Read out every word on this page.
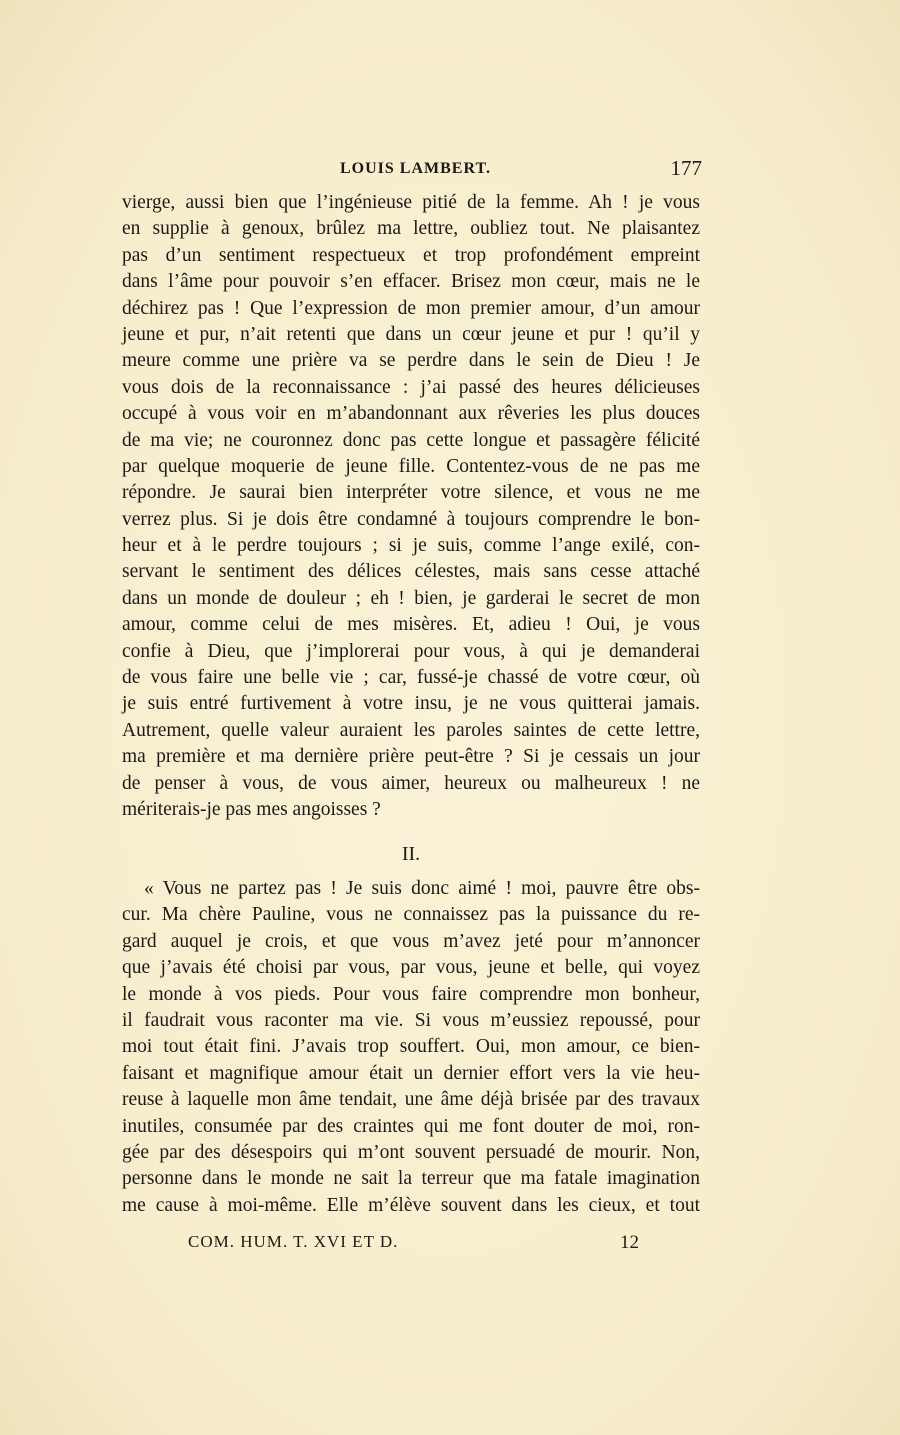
LOUIS LAMBERT.	177
vierge, aussi bien que l’ingénieuse pitié de la femme. Ah ! je vous
en supplie à genoux, brûlez ma lettre, oubliez tout. Ne plaisantez
pas d’un sentiment respectueux et trop profondément empreint
dans l’âme pour pouvoir s’en effacer. Brisez mon cœur, mais ne le
déchirez pas ! Que l’expression de mon premier amour, d’un amour
jeune et pur, n’ait retenti que dans un cœur jeune et pur ! qu’il y
meure comme une prière va se perdre dans le sein de Dieu ! Je
vous dois de la reconnaissance : j’ai passé des heures délicieuses
occupé à vous voir en m’abandonnant aux rêveries les plus douces
de ma vie; ne couronnez donc pas cette longue et passagère félicité
par quelque moquerie de jeune fille. Contentez-vous de ne pas me
répondre. Je saurai bien interpréter votre silence, et vous ne me
verrez plus. Si je dois être condamné à toujours comprendre le bon-
heur et à le perdre toujours ; si je suis, comme l’ange exilé, con-
servant le sentiment des délices célestes, mais sans cesse attaché
dans un monde de douleur ; eh ! bien, je garderai le secret de mon
amour, comme celui de mes misères. Et, adieu ! Oui, je vous
confie à Dieu, que j’implorerai pour vous, à qui je demanderai
de vous faire une belle vie ; car, fussé-je chassé de votre cœur, où
je suis entré furtivement à votre insu, je ne vous quitterai jamais.
Autrement, quelle valeur auraient les paroles saintes de cette lettre,
ma première et ma dernière prière peut-être ? Si je cessais un jour
de penser à vous, de vous aimer, heureux ou malheureux ! ne
mériterais-je pas mes angoisses ?
II.
« Vous ne partez pas ! Je suis donc aimé ! moi, pauvre être obs-
cur. Ma chère Pauline, vous ne connaissez pas la puissance du re-
gard auquel je crois, et que vous m’avez jeté pour m’annoncer
que j’avais été choisi par vous, par vous, jeune et belle, qui voyez
le monde à vos pieds. Pour vous faire comprendre mon bonheur,
il faudrait vous raconter ma vie. Si vous m’eussiez repoussé, pour
moi tout était fini. J’avais trop souffert. Oui, mon amour, ce bien-
faisant et magnifique amour était un dernier effort vers la vie heu-
reuse à laquelle mon âme tendait, une âme déjà brisée par des travaux
inutiles, consumée par des craintes qui me font douter de moi, ron-
gée par des désespoirs qui m’ont souvent persuadé de mourir. Non,
personne dans le monde ne sait la terreur que ma fatale imagination
me cause à moi-même. Elle m’élève souvent dans les cieux, et tout
COM. HUM. T. XVI ET D.	12
